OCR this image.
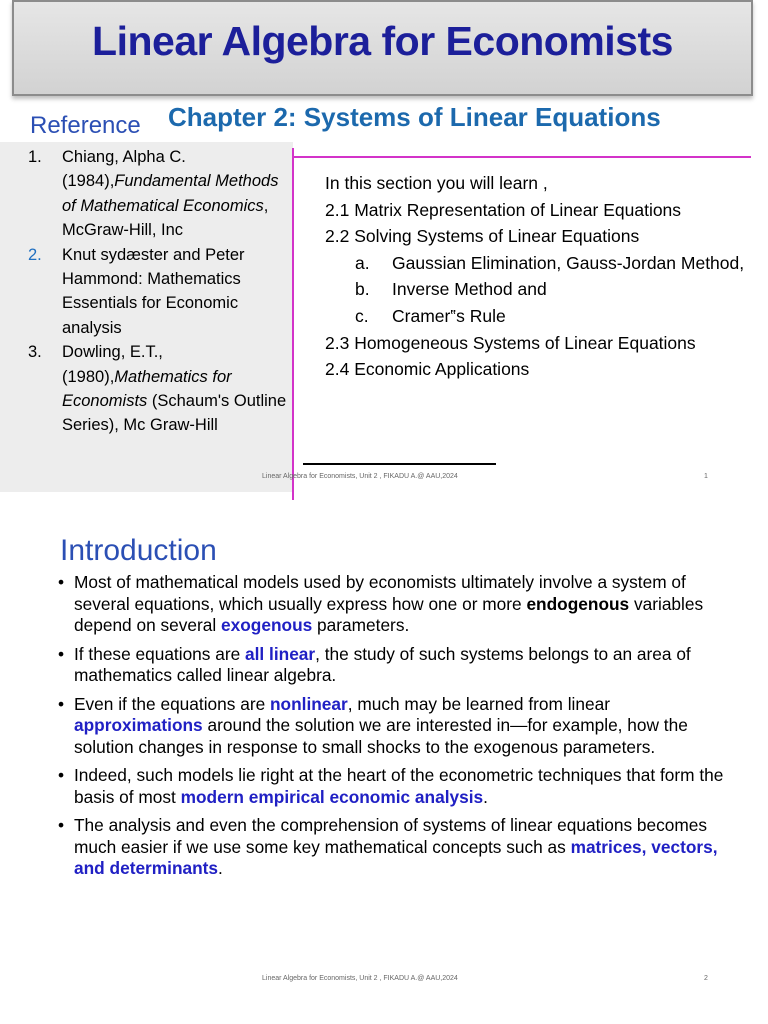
Linear Algebra for Economists
Reference Chapter 2: Systems of Linear Equations
1. Chiang, Alpha C.(1984),Fundamental Methods of Mathematical Economics, McGraw-Hill, Inc
2. Knut sydæster and Peter Hammond: Mathematics Essentials for Economic analysis
3. Dowling, E.T., (1980),Mathematics for Economists (Schaum's Outline Series), Mc Graw-Hill
In this section you will learn ,
2.1 Matrix Representation of Linear Equations
2.2 Solving Systems of Linear Equations
a. Gaussian Elimination, Gauss-Jordan Method,
b. Inverse Method and
c. Cramer‟s Rule
2.3 Homogeneous Systems of Linear Equations
2.4 Economic Applications
Linear Algebra for Economists, Unit 2 , FIKADU A.@ AAU,2024	1
Introduction
• Most of mathematical models used by economists ultimately involve a system of several equations, which usually express how one or more endogenous variables depend on several exogenous parameters.
• If these equations are all linear, the study of such systems belongs to an area of mathematics called linear algebra.
• Even if the equations are nonlinear, much may be learned from linear approximations around the solution we are interested in—for example, how the solution changes in response to small shocks to the exogenous parameters.
• Indeed, such models lie right at the heart of the econometric techniques that form the basis of most modern empirical economic analysis.
• The analysis and even the comprehension of systems of linear equations becomes much easier if we use some key mathematical concepts such as matrices, vectors, and determinants.
Linear Algebra for Economists, Unit 2 , FIKADU A.@ AAU,2024	2
